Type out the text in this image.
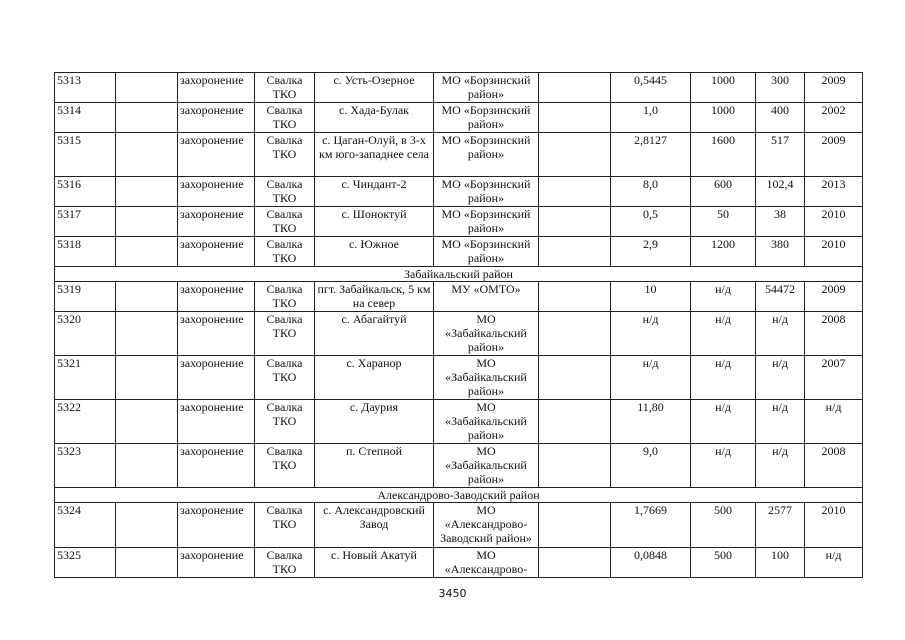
5313		захоронение	Свалка ТКО	с. Усть-Озерное	МО «Борзинский район»		0,5445	1000	300	2009
5314		захоронение	Свалка ТКО	с. Хада-Булак	МО «Борзинский район»		1,0	1000	400	2002
5315		захоронение	Свалка ТКО	с. Цаган-Олуй, в 3-х км юго-западнее села	МО «Борзинский район»		2,8127	1600	517	2009
5316		захоронение	Свалка ТКО	с. Чиндант-2	МО «Борзинский район»		8,0	600	102,4	2013
5317		захоронение	Свалка ТКО	с. Шоноктуй	МО «Борзинский район»		0,5	50	38	2010
5318		захоронение	Свалка ТКО	с. Южное	МО «Борзинский район»		2,9	1200	380	2010
Забайкальский район										
5319		захоронение	Свалка ТКО	пгт. Забайкальск, 5 км на север	МУ «ОМТО»		10	н/д	54472	2009
5320		захоронение	Свалка ТКО	с. Абагайтуй	МО «Забайкальский район»		н/д	н/д	н/д	2008
5321		захоронение	Свалка ТКО	с. Харанор	МО «Забайкальский район»		н/д	н/д	н/д	2007
5322		захоронение	Свалка ТКО	с. Даурия	МО «Забайкальский район»		11,80	н/д	н/д	н/д
5323		захоронение	Свалка ТКО	п. Степной	МО «Забайкальский район»		9,0	н/д	н/д	2008
Александрово-Заводский район										
5324		захоронение	Свалка ТКО	с. Александровский Завод	МО «Александрово-Заводский район»		1,7669	500	2577	2010
5325		захоронение	Свалка ТКО	с. Новый Акатуй	МО «Александрово-		0,0848	500	100	н/д
3450
